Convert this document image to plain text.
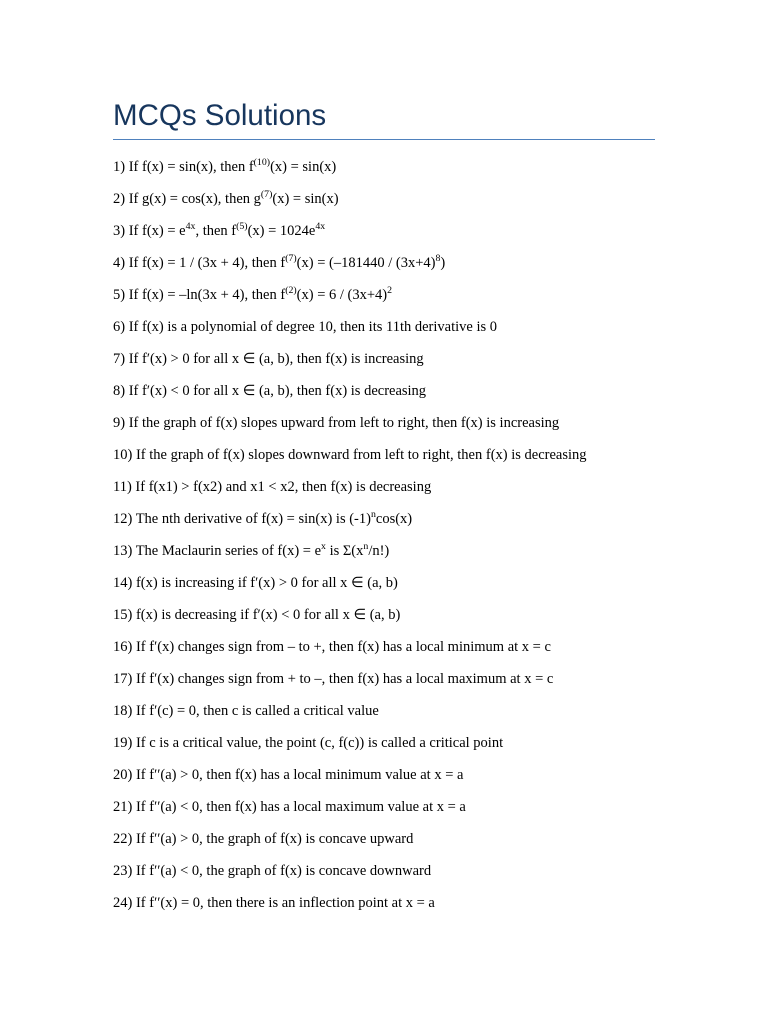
MCQs Solutions
1) If f(x) = sin(x), then $f^{(10)}(x) = \sin(x)$
2) If g(x) = cos(x), then $g^{(7)}(x) = \sin(x)$
3) If $f(x) = e^{4x}$, then $f^{(5)}(x) = 1024e^{4x}$
4) If f(x) = 1 / (3x + 4), then $f^{(7)}(x) = (-181440 / (3x+4)^8)$
5) If f(x) = –ln(3x + 4), then $f^{(2)}(x) = 6 / (3x+4)^2$
6) If f(x) is a polynomial of degree 10, then its 11th derivative is 0
7) If f′(x) > 0 for all x ∈ (a, b), then f(x) is increasing
8) If f′(x) < 0 for all x ∈ (a, b), then f(x) is decreasing
9) If the graph of f(x) slopes upward from left to right, then f(x) is increasing
10) If the graph of f(x) slopes downward from left to right, then f(x) is decreasing
11) If f(x1) > f(x2) and x1 < x2, then f(x) is decreasing
12) The nth derivative of f(x) = sin(x) is $(-1)^n\cos(x)$
13) The Maclaurin series of $f(x) = e^x$ is $\Sigma(x^n/n!)$
14) f(x) is increasing if f′(x) > 0 for all x ∈ (a, b)
15) f(x) is decreasing if f′(x) < 0 for all x ∈ (a, b)
16) If f′(x) changes sign from – to +, then f(x) has a local minimum at x = c
17) If f′(x) changes sign from + to –, then f(x) has a local maximum at x = c
18) If f′(c) = 0, then c is called a critical value
19) If c is a critical value, the point (c, f(c)) is called a critical point
20) If f′′(a) > 0, then f(x) has a local minimum value at x = a
21) If f′′(a) < 0, then f(x) has a local maximum value at x = a
22) If f′′(a) > 0, the graph of f(x) is concave upward
23) If f′′(a) < 0, the graph of f(x) is concave downward
24) If f′′(x) = 0, then there is an inflection point at x = a
